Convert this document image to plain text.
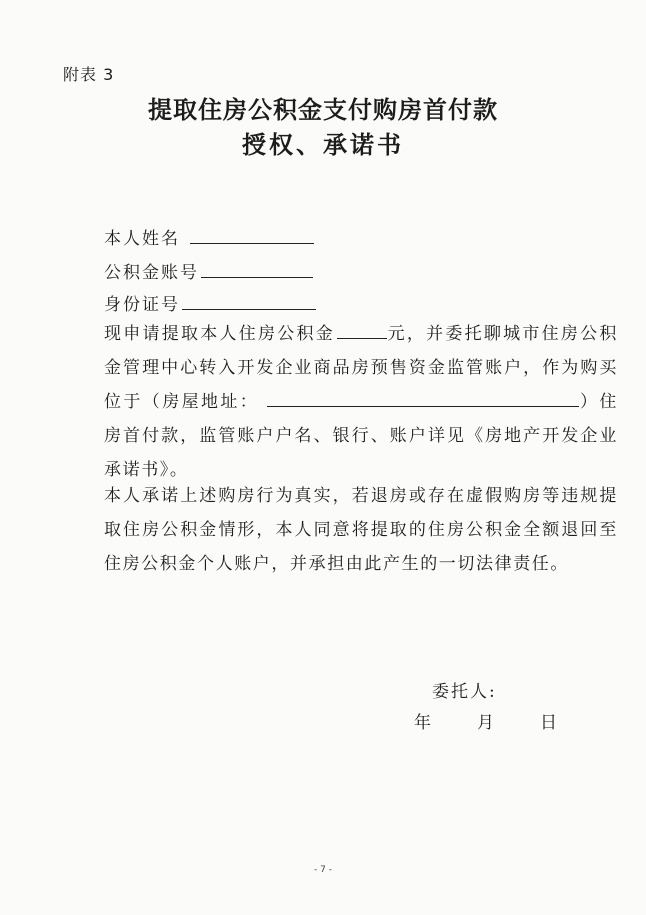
附表 3
提取住房公积金支付购房首付款
授权、承诺书
本人姓名
公积金账号
身份证号
现申请提取本人住房公积金	元，并委托聊城市住房公积金管理中心转入开发企业商品房预售资金监管账户，作为购买位于（房屋地址：	）住房首付款，监管账户户名、银行、账户详见《房地产开发企业承诺书》。
本人承诺上述购房行为真实，若退房或存在虚假购房等违规提取住房公积金情形，本人同意将提取的住房公积金全额退回至住房公积金个人账户，并承担由此产生的一切法律责任。
委托人:
年	月	日
- 7 -
